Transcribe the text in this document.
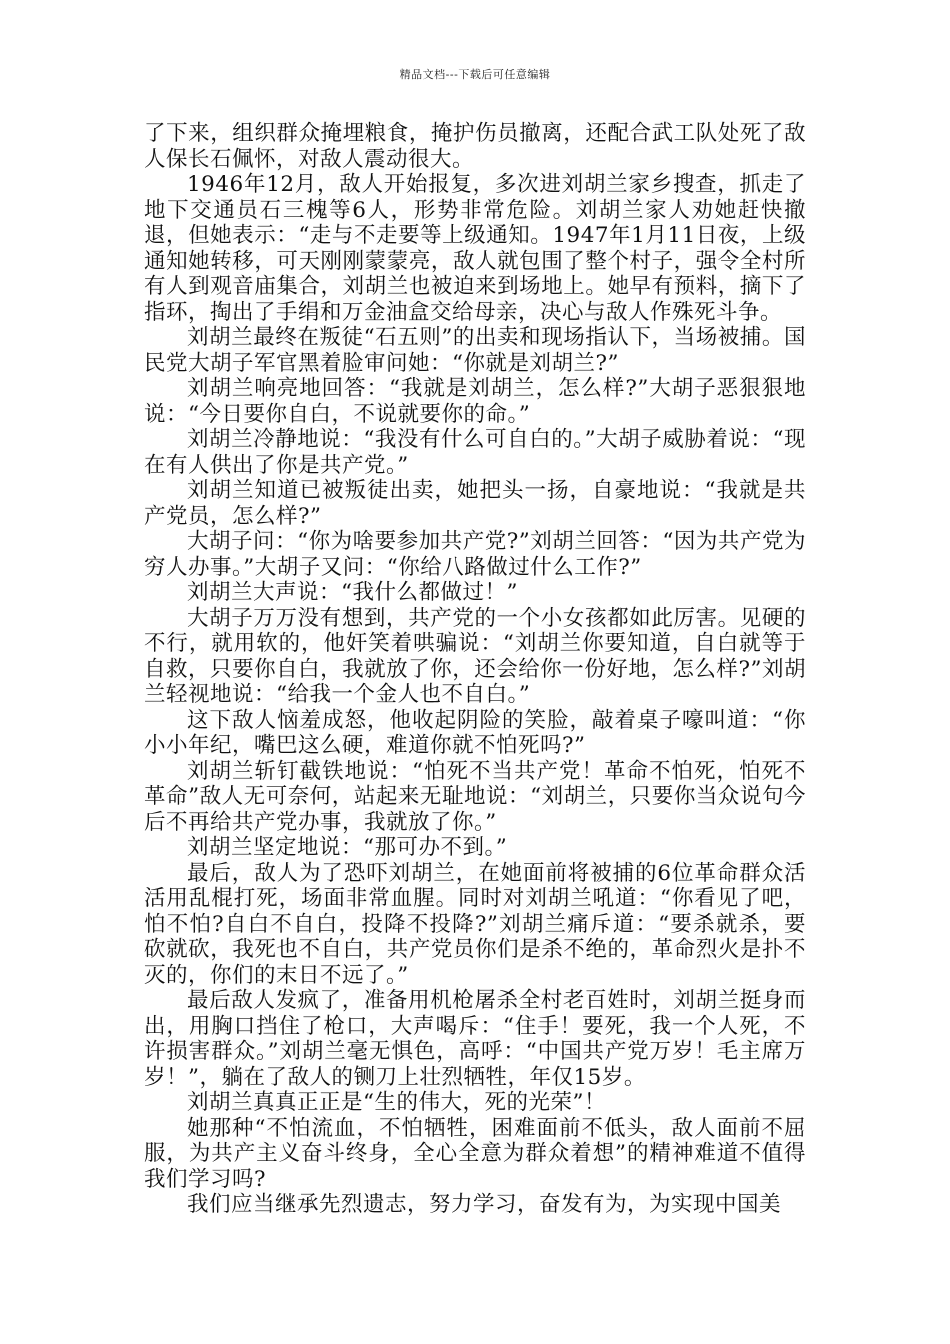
精品文档---下载后可任意编辑

了下来，组织群众掩埋粮食，掩护伤员撤离，还配合武工队处死了敌人保长石佩怀，对敌人震动很大。

1946年12月，敌人开始报复，多次进刘胡兰家乡搜查，抓走了地下交通员石三槐等6人，形势非常危险。刘胡兰家人劝她赶快撤退，但她表示：“走与不走要等上级通知。1947年1月11日夜，上级通知她转移，可天刚刚蒙蒙亮，敌人就包围了整个村子，强令全村所有人到观音庙集合，刘胡兰也被迫来到场地上。她早有预料，摘下了指环，掏出了手绢和万金油盒交给母亲，决心与敌人作殊死斗争。

刘胡兰最终在叛徒“石五则”的出卖和现场指认下，当场被捕。国民党大胡子军官黑着脸审问她：“你就是刘胡兰?”

刘胡兰响亮地回答：“我就是刘胡兰，怎么样?”大胡子恶狠狠地说：“今日要你自白，不说就要你的命。”

刘胡兰冷静地说：“我没有什么可自白的。”大胡子威胁着说：“现在有人供出了你是共产党。”

刘胡兰知道已被叛徒出卖，她把头一扬，自豪地说：“我就是共产党员，怎么样?”

大胡子问：“你为啥要参加共产党?”刘胡兰回答：“因为共产党为穷人办事。”大胡子又问：“你给八路做过什么工作?”

刘胡兰大声说：“我什么都做过！”

大胡子万万没有想到，共产党的一个小女孩都如此厉害。见硬的不行，就用软的，他奸笑着哄骗说：“刘胡兰你要知道，自白就等于自救，只要你自白，我就放了你，还会给你一份好地，怎么样?”刘胡兰轻视地说：“给我一个金人也不自白。”

这下敌人恼羞成怒，他收起阴险的笑脸，敲着桌子嚎叫道：“你小小年纪，嘴巴这么硬，难道你就不怕死吗?”

刘胡兰斩钉截铁地说：“怕死不当共产党！革命不怕死，怕死不革命”敌人无可奈何，站起来无耻地说：“刘胡兰，只要你当众说句今后不再给共产党办事，我就放了你。”

刘胡兰坚定地说：“那可办不到。”

最后，敌人为了恐吓刘胡兰，在她面前将被捕的6位革命群众活活用乱棍打死，场面非常血腥。同时对刘胡兰吼道：“你看见了吧，怕不怕?自白不自白，投降不投降?”刘胡兰痛斥道：“要杀就杀，要砍就砍，我死也不自白，共产党员你们是杀不绝的，革命烈火是扑不灭的，你们的末日不远了。”

最后敌人发疯了，准备用机枪屠杀全村老百姓时，刘胡兰挺身而出，用胸口挡住了枪口，大声喝斥：“住手！要死，我一个人死，不许损害群众。”刘胡兰毫无惧色，高呼：“中国共产党万岁！毛主席万岁！”，躺在了敌人的铡刀上壮烈牺牲，年仅15岁。

刘胡兰真真正正是“生的伟大，死的光荣”！

她那种“不怕流血，不怕牺牲，困难面前不低头，敌人面前不屈服，为共产主义奋斗终身，全心全意为群众着想”的精神难道不值得我们学习吗?

我们应当继承先烈遗志，努力学习，奋发有为，为实现中国美
